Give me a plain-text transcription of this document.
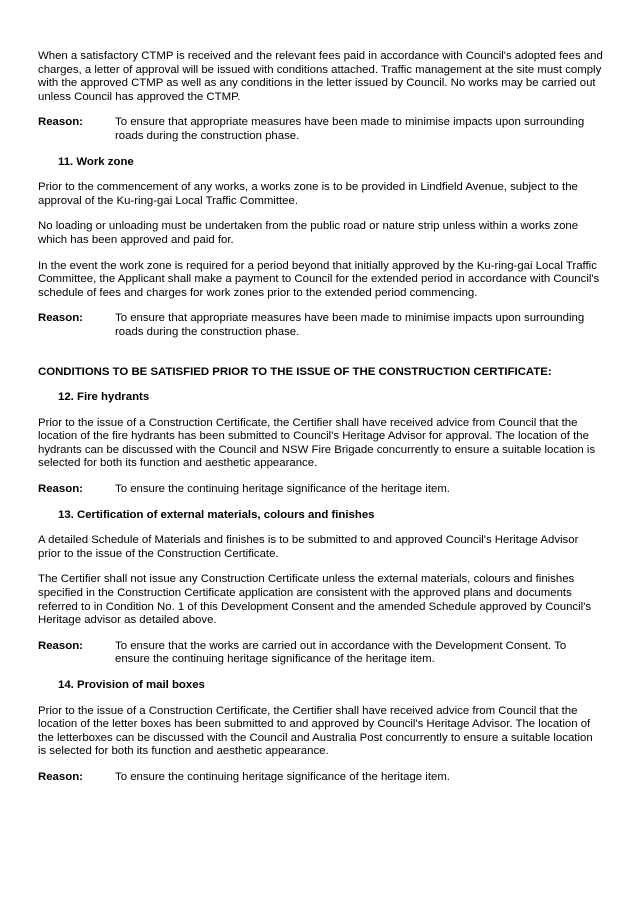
When a satisfactory CTMP is received and the relevant fees paid in accordance with Council's adopted fees and charges, a letter of approval will be issued with conditions attached. Traffic management at the site must comply with the approved CTMP as well as any conditions in the letter issued by Council. No works may be carried out unless Council has approved the CTMP.

Reason:	To ensure that appropriate measures have been made to minimise impacts upon surrounding roads during the construction phase.
11. Work zone

Prior to the commencement of any works, a works zone is to be provided in Lindfield Avenue, subject to the approval of the Ku-ring-gai Local Traffic Committee.

No loading or unloading must be undertaken from the public road or nature strip unless within a works zone which has been approved and paid for.

In the event the work zone is required for a period beyond that initially approved by the Ku-ring-gai Local Traffic Committee, the Applicant shall make a payment to Council for the extended period in accordance with Council's schedule of fees and charges for work zones prior to the extended period commencing.

Reason:	To ensure that appropriate measures have been made to minimise impacts upon surrounding roads during the construction phase.
CONDITIONS TO BE SATISFIED PRIOR TO THE ISSUE OF THE CONSTRUCTION CERTIFICATE:
12. Fire hydrants

Prior to the issue of a Construction Certificate, the Certifier shall have received advice from Council that the location of the fire hydrants has been submitted to Council's Heritage Advisor for approval. The location of the hydrants can be discussed with the Council and NSW Fire Brigade concurrently to ensure a suitable location is selected for both its function and aesthetic appearance.

Reason:	To ensure the continuing heritage significance of the heritage item.
13. Certification of external materials, colours and finishes

A detailed Schedule of Materials and finishes is to be submitted to and approved Council's Heritage Advisor prior to the issue of the Construction Certificate.

The Certifier shall not issue any Construction Certificate unless the external materials, colours and finishes specified in the Construction Certificate application are consistent with the approved plans and documents referred to in Condition No. 1 of this Development Consent and the amended Schedule approved by Council's Heritage advisor as detailed above.

Reason:	To ensure that the works are carried out in accordance with the Development Consent. To ensure the continuing heritage significance of the heritage item.
14. Provision of mail boxes

Prior to the issue of a Construction Certificate, the Certifier shall have received advice from Council that the location of the letter boxes has been submitted to and approved by Council's Heritage Advisor. The location of the letterboxes can be discussed with the Council and Australia Post concurrently to ensure a suitable location is selected for both its function and aesthetic appearance.

Reason:	To ensure the continuing heritage significance of the heritage item.
